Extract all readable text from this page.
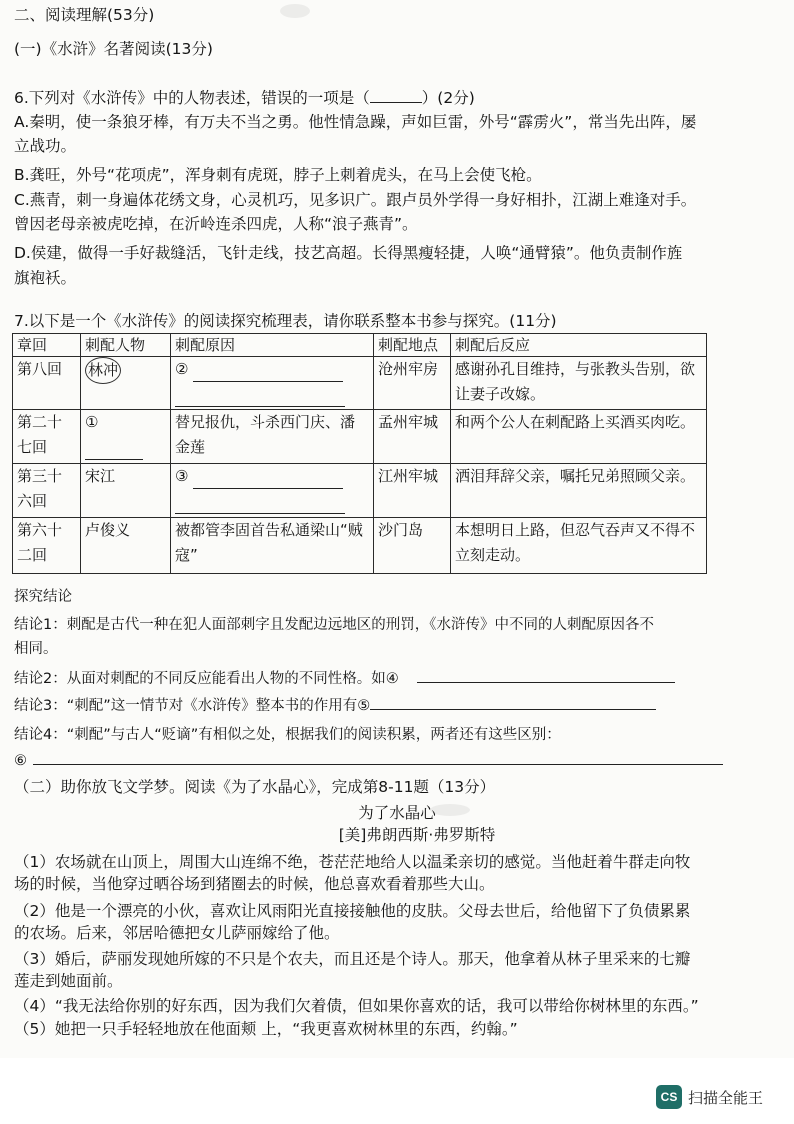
二、阅读理解(53分)
(一)《水浒》名著阅读(13分)
6.下列对《水浒传》中的人物表述，错误的一项是（	）(2分)
A.秦明，使一条狼牙棒，有万夫不当之勇。他性情急躁，声如巨雷，外号“霹雳火”，常当先出阵，屡
立战功。
B.龚旺，外号“花项虎”，浑身刺有虎斑，脖子上刺着虎头，在马上会使飞枪。
C.燕青，刺一身遍体花绣文身，心灵机巧，见多识广。跟卢员外学得一身好相扑，江湖上难逢对手。
曾因老母亲被虎吃掉，在沂岭连杀四虎，人称“浪子燕青”。
D.侯建，做得一手好裁缝活，飞针走线，技艺高超。长得黑瘦轻捷，人唤“通臂猿”。他负责制作旌
旗袍袄。
7.以下是一个《水浒传》的阅读探究梳理表，请你联系整本书参与探究。(11分)
章回	刺配人物	刺配原因	刺配地点	刺配后反应
第八回	林冲	②	沧州牢房	感谢孙孔目维持，与张教头告别，欲让妻子改嫁。
第二十七回	①	替兄报仇，斗杀西门庆、潘金莲	孟州牢城	和两个公人在刺配路上买酒买肉吃。
第三十六回	宋江	③	江州牢城	洒泪拜辞父亲，嘱托兄弟照顾父亲。
第六十二回	卢俊义	被都管李固首告私通梁山“贼寇”	沙门岛	本想明日上路，但忍气吞声又不得不立刻走动。
探究结论
结论1：刺配是古代一种在犯人面部刺字且发配边远地区的刑罚，《水浒传》中不同的人刺配原因各不
相同。
结论2：从面对刺配的不同反应能看出人物的不同性格。如④
结论3：“刺配”这一情节对《水浒传》整本书的作用有⑤
结论4：“刺配”与古人“贬谪”有相似之处，根据我们的阅读积累，两者还有这些区别：
⑥
（二）助你放飞文学梦。阅读《为了水晶心》，完成第8-11题（13分）
为了水晶心
[美]弗朗西斯·弗罗斯特
（1）农场就在山顶上，周围大山连绵不绝，苍茫茫地给人以温柔亲切的感觉。当他赶着牛群走向牧
场的时候，当他穿过晒谷场到猪圈去的时候，他总喜欢看着那些大山。
（2）他是一个漂亮的小伙，喜欢让风雨阳光直接接触他的皮肤。父母去世后，给他留下了负债累累
的农场。后来，邻居哈德把女儿萨丽嫁给了他。
（3）婚后，萨丽发现她所嫁的不只是个农夫，而且还是个诗人。那天，他拿着从林子里采来的七瓣
莲走到她面前。
（4）“我无法给你别的好东西，因为我们欠着债，但如果你喜欢的话，我可以带给你树林里的东西。”
（5）她把一只手轻轻地放在他面颊 上，“我更喜欢树林里的东西，约翰。”
CS 扫描全能王
